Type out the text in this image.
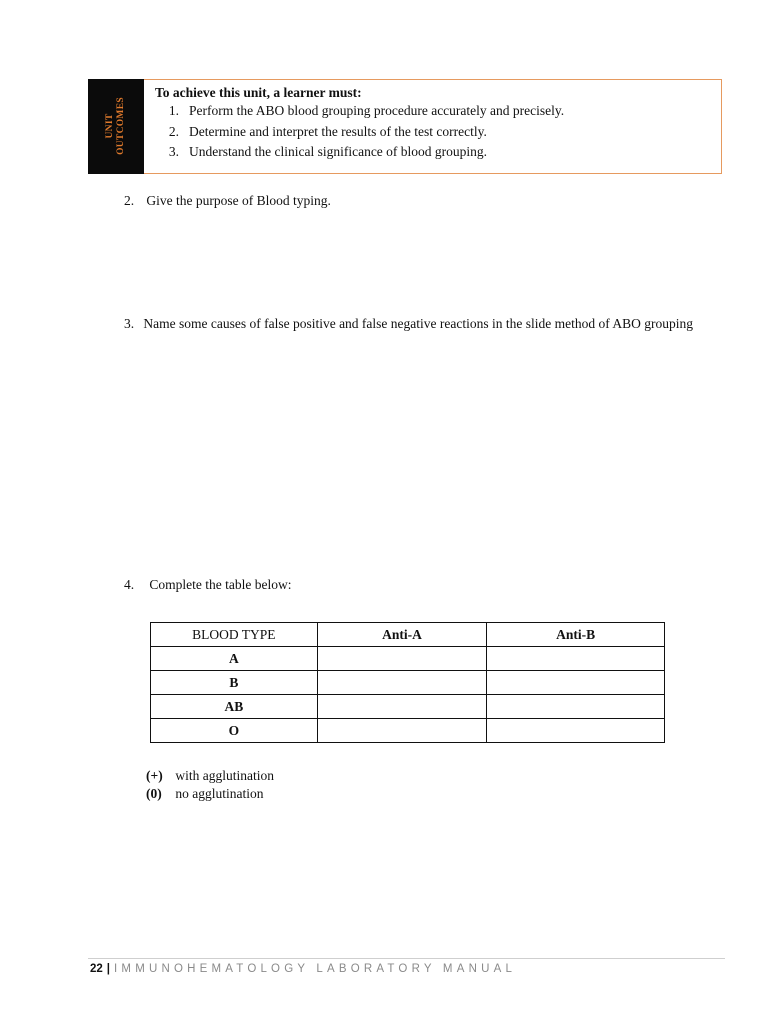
UNIT OUTCOMES
To achieve this unit, a learner must:
1. Perform the ABO blood grouping procedure accurately and precisely.
2. Determine and interpret the results of the test correctly.
3. Understand the clinical significance of blood grouping.
2. Give the purpose of Blood typing.
3. Name some causes of false positive and false negative reactions in the slide method of ABO grouping
4. Complete the table below:
BLOOD TYPE	Anti-A	Anti-B
A		
B		
AB		
O		
(+) with agglutination
(0) no agglutination
22 | IMMUNOHEMATOLOGY LABORATORY MANUAL
